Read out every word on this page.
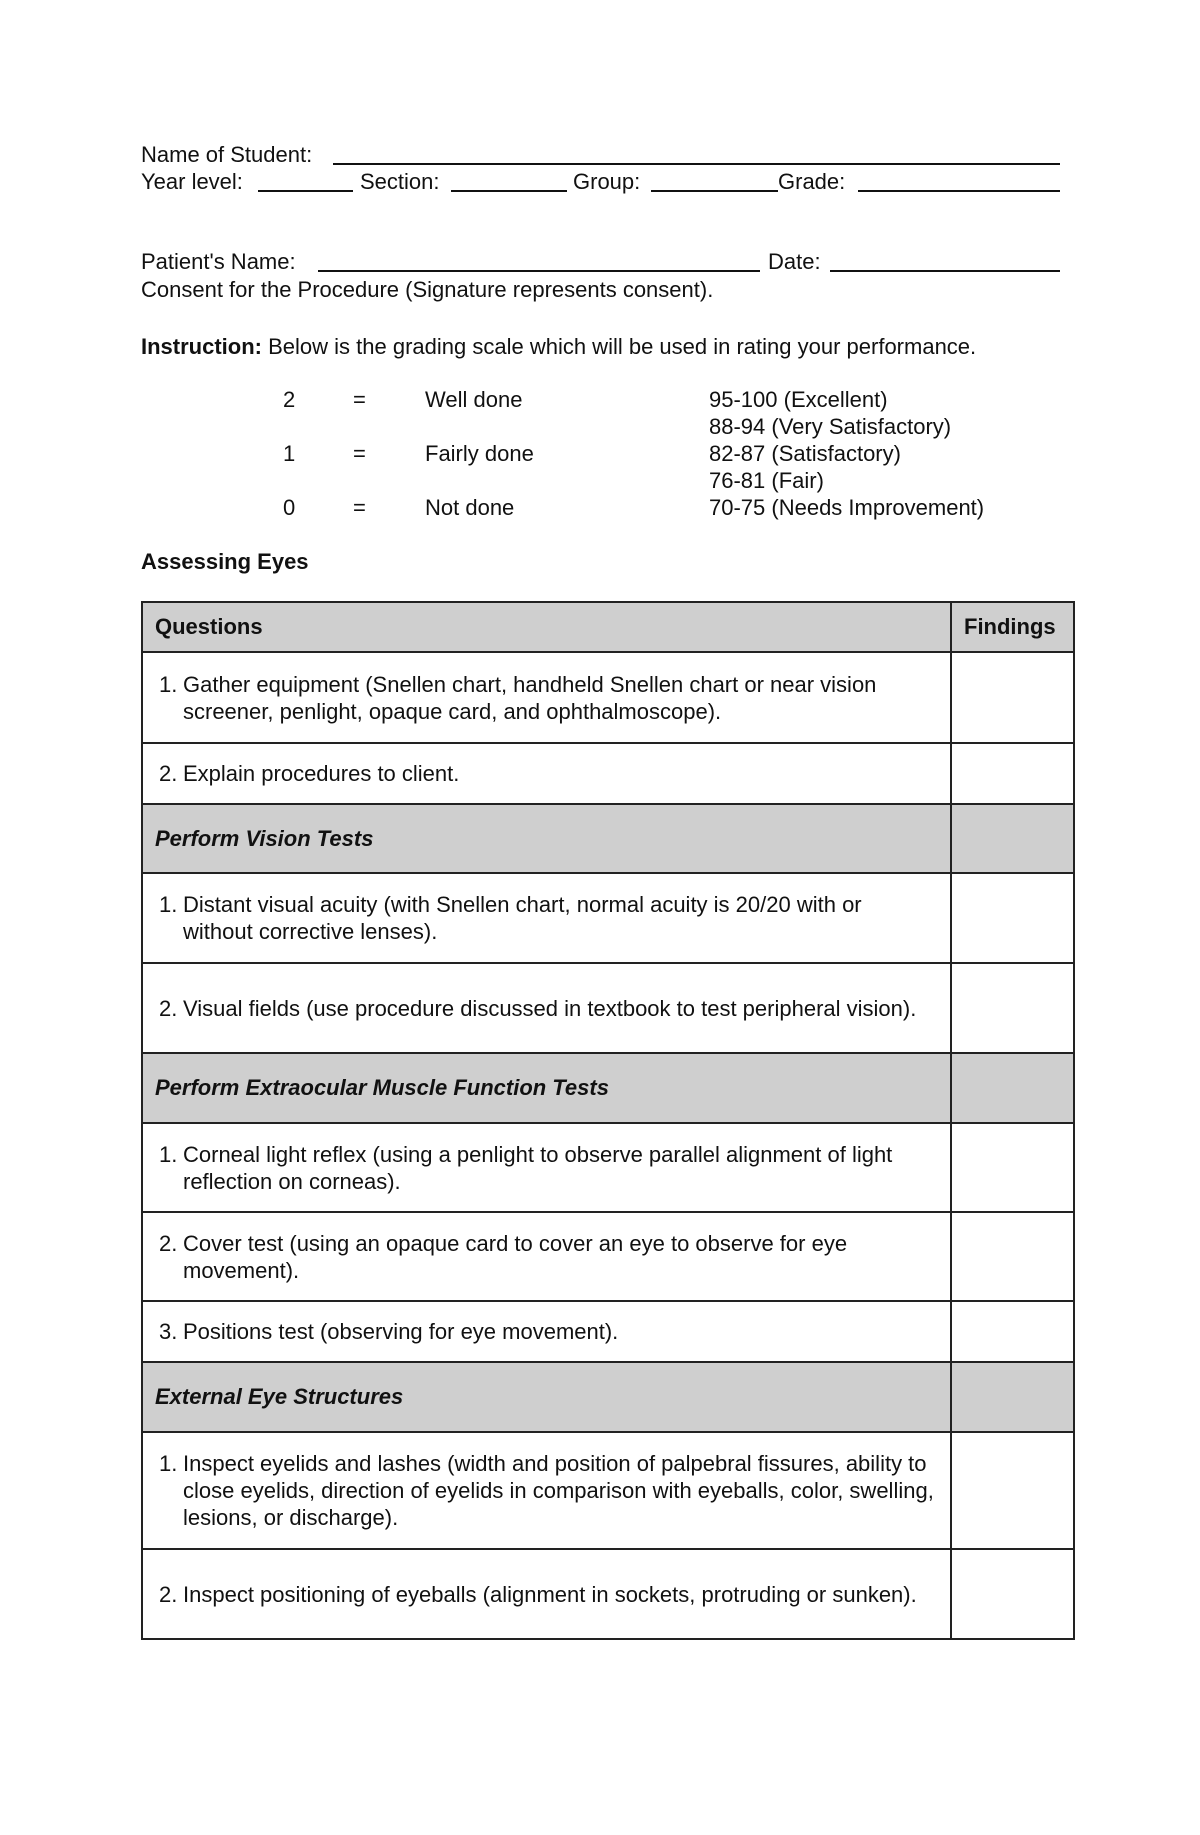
Name of Student:
Year level:	Section:	Group:	Grade:
Patient's Name:	Date:
Consent for the Procedure (Signature represents consent).
Instruction: Below is the grading scale which will be used in rating your performance.
2	=	Well done	95-100 (Excellent)
88-94 (Very Satisfactory)
1	=	Fairly done	82-87 (Satisfactory)
76-81 (Fair)
0	=	Not done	70-75 (Needs Improvement)
Assessing Eyes
Questions	Findings

1. Gather equipment (Snellen chart, handheld Snellen chart or near vision screener, penlight, opaque card, and ophthalmoscope).	

2. Explain procedures to client.	

Perform Vision Tests	

1. Distant visual acuity (with Snellen chart, normal acuity is 20/20 with or without corrective lenses).	

2. Visual fields (use procedure discussed in textbook to test peripheral vision).	

Perform Extraocular Muscle Function Tests	

1. Corneal light reflex (using a penlight to observe parallel alignment of light reflection on corneas).	

2. Cover test (using an opaque card to cover an eye to observe for eye movement).	

3. Positions test (observing for eye movement).	

External Eye Structures	

1. Inspect eyelids and lashes (width and position of palpebral fissures, ability to close eyelids, direction of eyelids in comparison with eyeballs, color, swelling, lesions, or discharge).	

2. Inspect positioning of eyeballs (alignment in sockets, protruding or sunken).	
